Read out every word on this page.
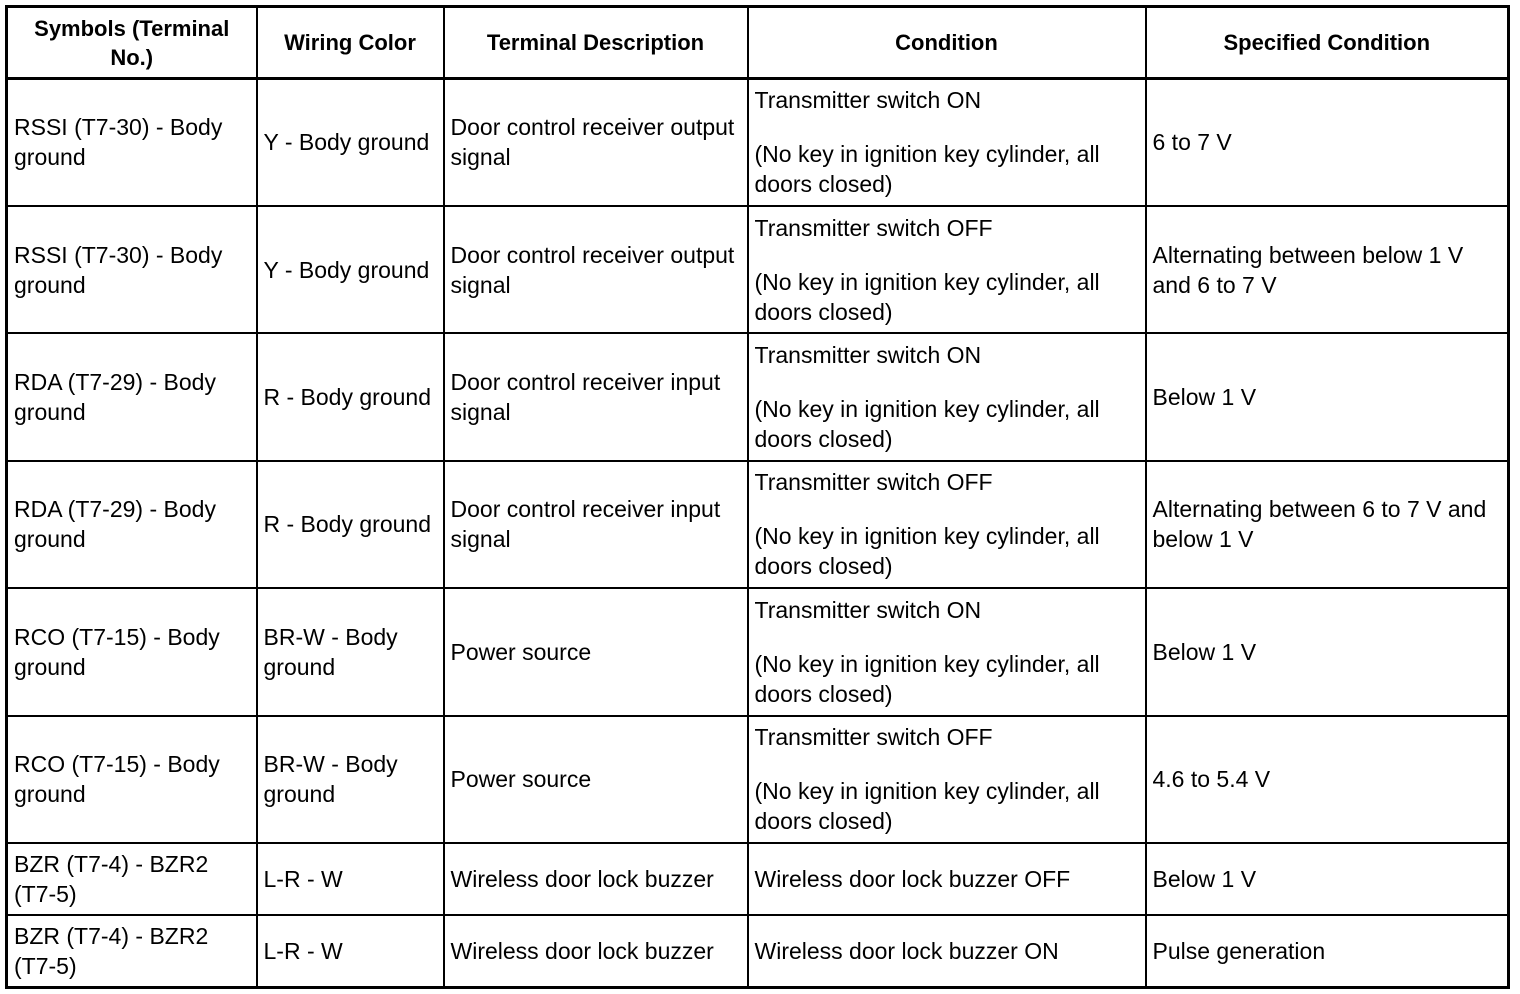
Symbols (Terminal No.)	Wiring Color	Terminal Description	Condition	Specified Condition
RSSI (T7-30) - Body ground	Y - Body ground	Door control receiver output signal	Transmitter switch ON
(No key in ignition key cylinder, all doors closed)	6 to 7 V
RSSI (T7-30) - Body ground	Y - Body ground	Door control receiver output signal	Transmitter switch OFF
(No key in ignition key cylinder, all doors closed)	Alternating between below 1 V and 6 to 7 V
RDA (T7-29) - Body ground	R - Body ground	Door control receiver input signal	Transmitter switch ON
(No key in ignition key cylinder, all doors closed)	Below 1 V
RDA (T7-29) - Body ground	R - Body ground	Door control receiver input signal	Transmitter switch OFF
(No key in ignition key cylinder, all doors closed)	Alternating between 6 to 7 V and below 1 V
RCO (T7-15) - Body ground	BR-W - Body ground	Power source	Transmitter switch ON
(No key in ignition key cylinder, all doors closed)	Below 1 V
RCO (T7-15) - Body ground	BR-W - Body ground	Power source	Transmitter switch OFF
(No key in ignition key cylinder, all doors closed)	4.6 to 5.4 V
BZR (T7-4) - BZR2 (T7-5)	L-R - W	Wireless door lock buzzer	Wireless door lock buzzer OFF	Below 1 V
BZR (T7-4) - BZR2 (T7-5)	L-R - W	Wireless door lock buzzer	Wireless door lock buzzer ON	Pulse generation
